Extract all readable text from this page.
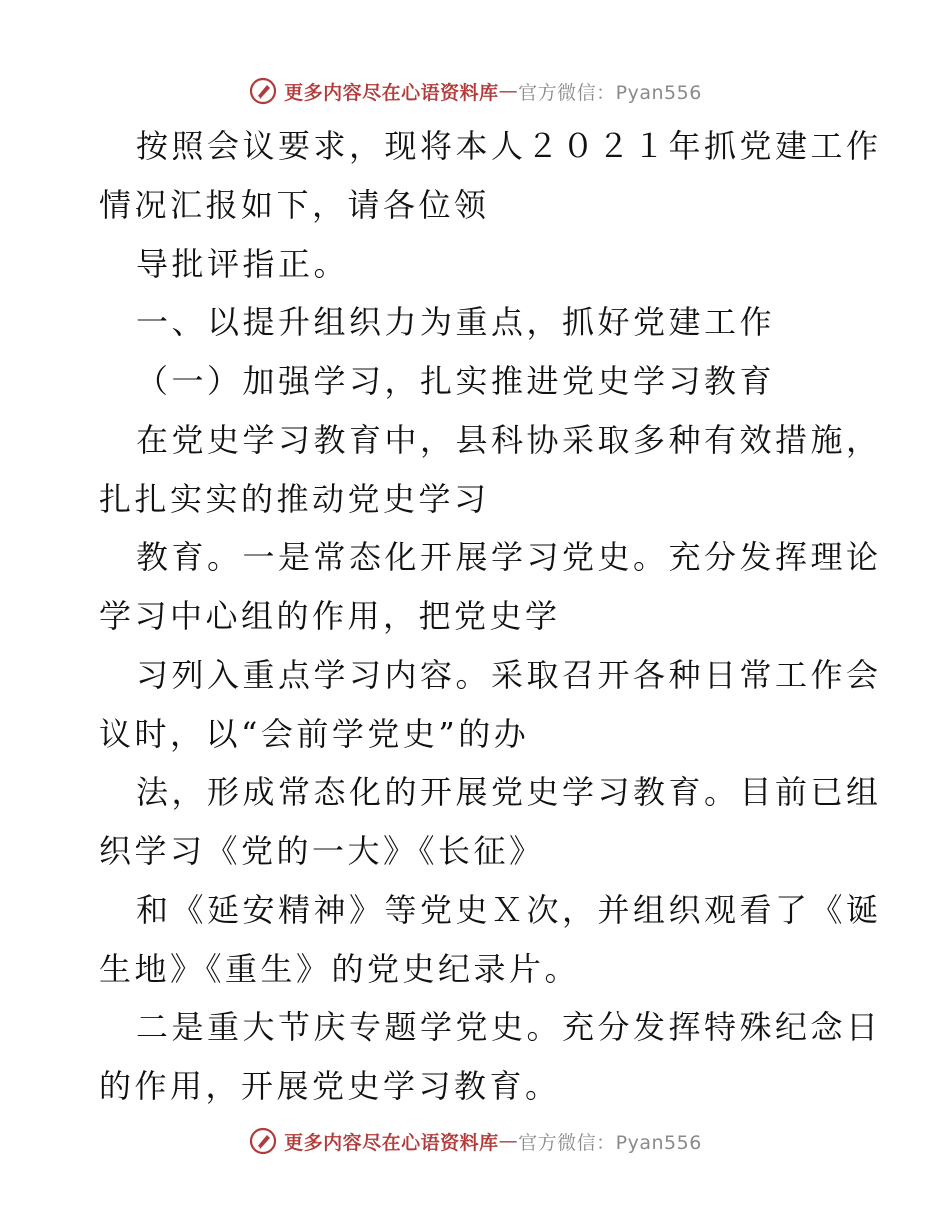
更多内容尽在心语资料库 — 官方微信：Pyan556
按照会议要求，现将本人２０２１年抓党建工作
情况汇报如下，请各位领
导批评指正。
一、以提升组织力为重点，抓好党建工作
（一）加强学习，扎实推进党史学习教育
在党史学习教育中，县科协采取多种有效措施，
扎扎实实的推动党史学习
教育。一是常态化开展学习党史。充分发挥理论
学习中心组的作用，把党史学
习列入重点学习内容。采取召开各种日常工作会
议时，以“会前学党史”的办
法，形成常态化的开展党史学习教育。目前已组
织学习《党的一大》《长征》
和《延安精神》等党史Ｘ次，并组织观看了《诞
生地》《重生》的党史纪录片。
二是重大节庆专题学党史。充分发挥特殊纪念日
的作用，开展党史学习教育。
更多内容尽在心语资料库 — 官方微信：Pyan556
